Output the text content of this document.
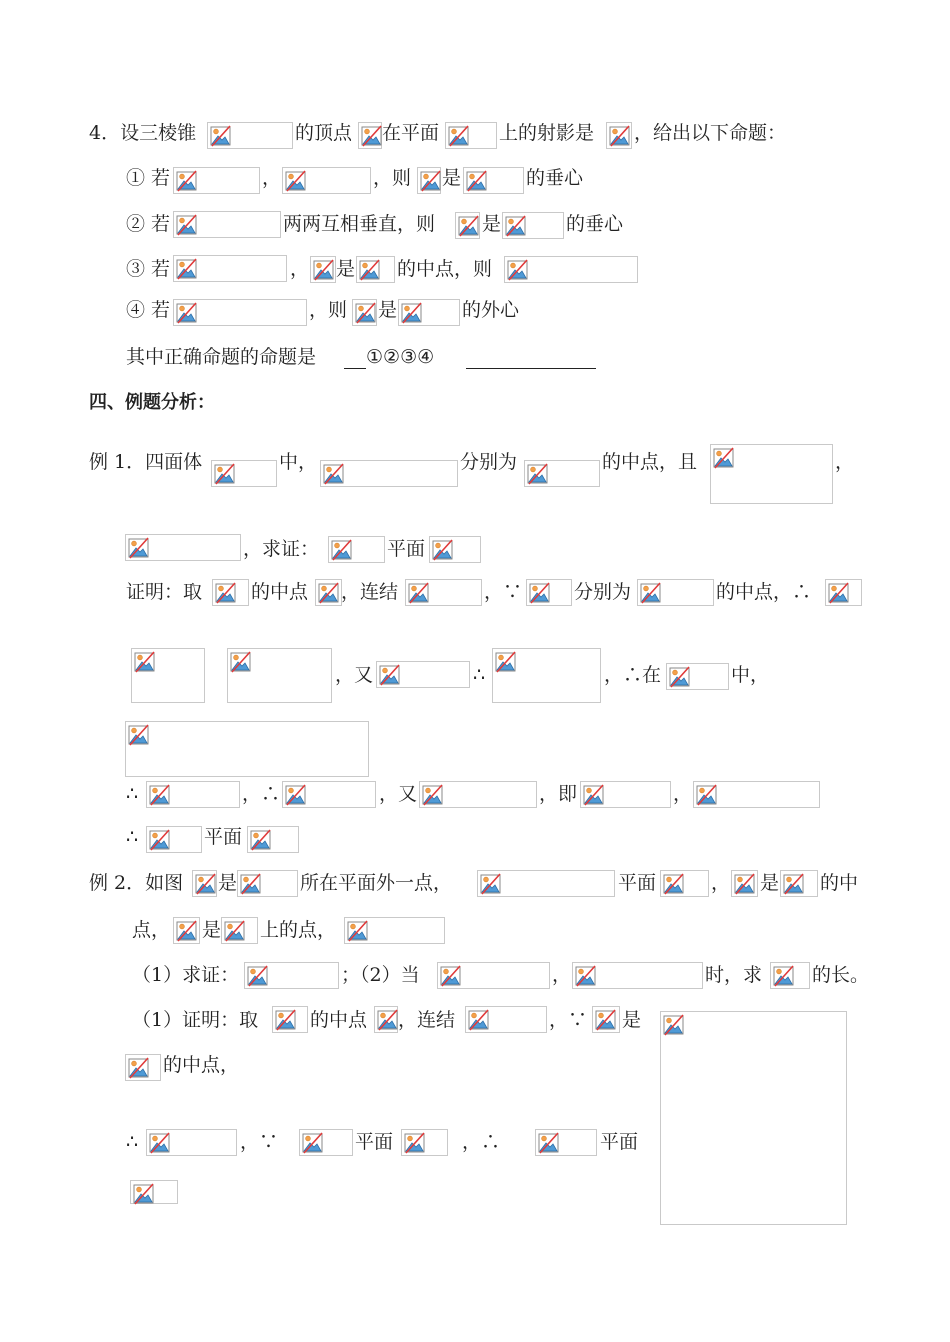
4．设三棱锥	的顶点 在平面	上的射影是 ，给出以下命题：
① 若	，	，则 是	的垂心
② 若	两两互相垂直，则 是	的垂心
③ 若	， 是 的中点，则
④ 若	，则 是	的外心
其中正确命题的命题是	①②③④
四、例题分析：
例 1．四面体	中，	分别为	的中点，且	，
，求证：	平面
证明：取	的中点 ，连结	，∵	分别为	的中点，∴
，又	∴	，∴在	中，
∴	，∴	，又	，即	，
∴	平面
例 2．如图 是	所在平面外一点，	平面	， 是 的中
点， 是 上的点，
（1）求证：	；（2）当	，	时，求	的长。
（1）证明：取	的中点 ，连结	，∵ 是
的中点，
∴	，∵	平面	，∴	平面
